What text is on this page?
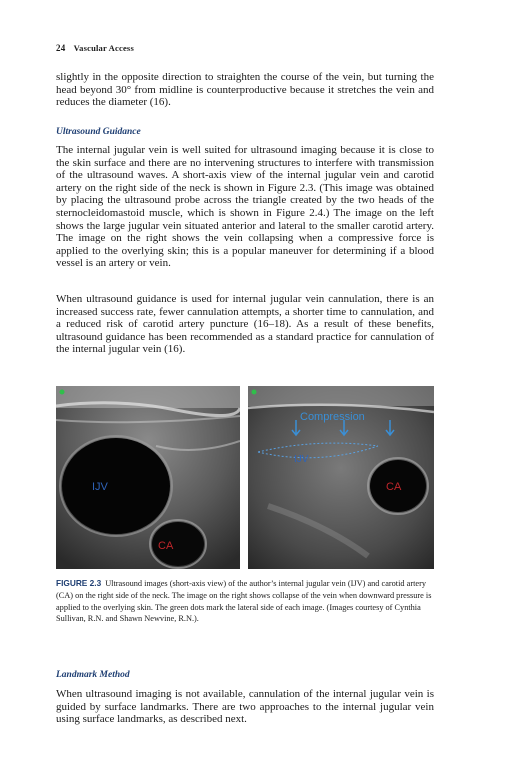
24 Vascular Access

slightly in the opposite direction to straighten the course of the vein, but turning the head beyond 30° from midline is counterproductive because it stretches the vein and reduces the diameter (16).

Ultrasound Guidance

The internal jugular vein is well suited for ultrasound imaging because it is close to the skin surface and there are no intervening structures to interfere with transmission of the ultrasound waves. A short-axis view of the internal jugular vein and carotid artery on the right side of the neck is shown in Figure 2.3. (This image was obtained by placing the ultrasound probe across the triangle created by the two heads of the sternocleidomastoid muscle, which is shown in Figure 2.4.) The image on the left shows the large jugular vein situated anterior and lateral to the smaller carotid artery. The image on the right shows the vein collapsing when a compressive force is applied to the overlying skin; this is a popular maneuver for determining if a blood vessel is an artery or vein.

When ultrasound guidance is used for internal jugular vein cannulation, there is an increased success rate, fewer cannulation attempts, a shorter time to cannulation, and a reduced risk of carotid artery puncture (16–18). As a result of these benefits, ultrasound guidance has been recommended as a standard practice for cannulation of the internal jugular vein (16).

IJV
CA
Compression
IJV
CA

FIGURE 2.3 Ultrasound images (short-axis view) of the author’s internal jugular vein (IJV) and carotid artery (CA) on the right side of the neck. The image on the right shows collapse of the vein when downward pressure is applied to the overlying skin. The green dots mark the lateral side of each image. (Images courtesy of Cynthia Sullivan, R.N. and Shawn Newvine, R.N.).

Landmark Method

When ultrasound imaging is not available, cannulation of the internal jugular vein is guided by surface landmarks. There are two approaches to the internal jugular vein using surface landmarks, as described next.
